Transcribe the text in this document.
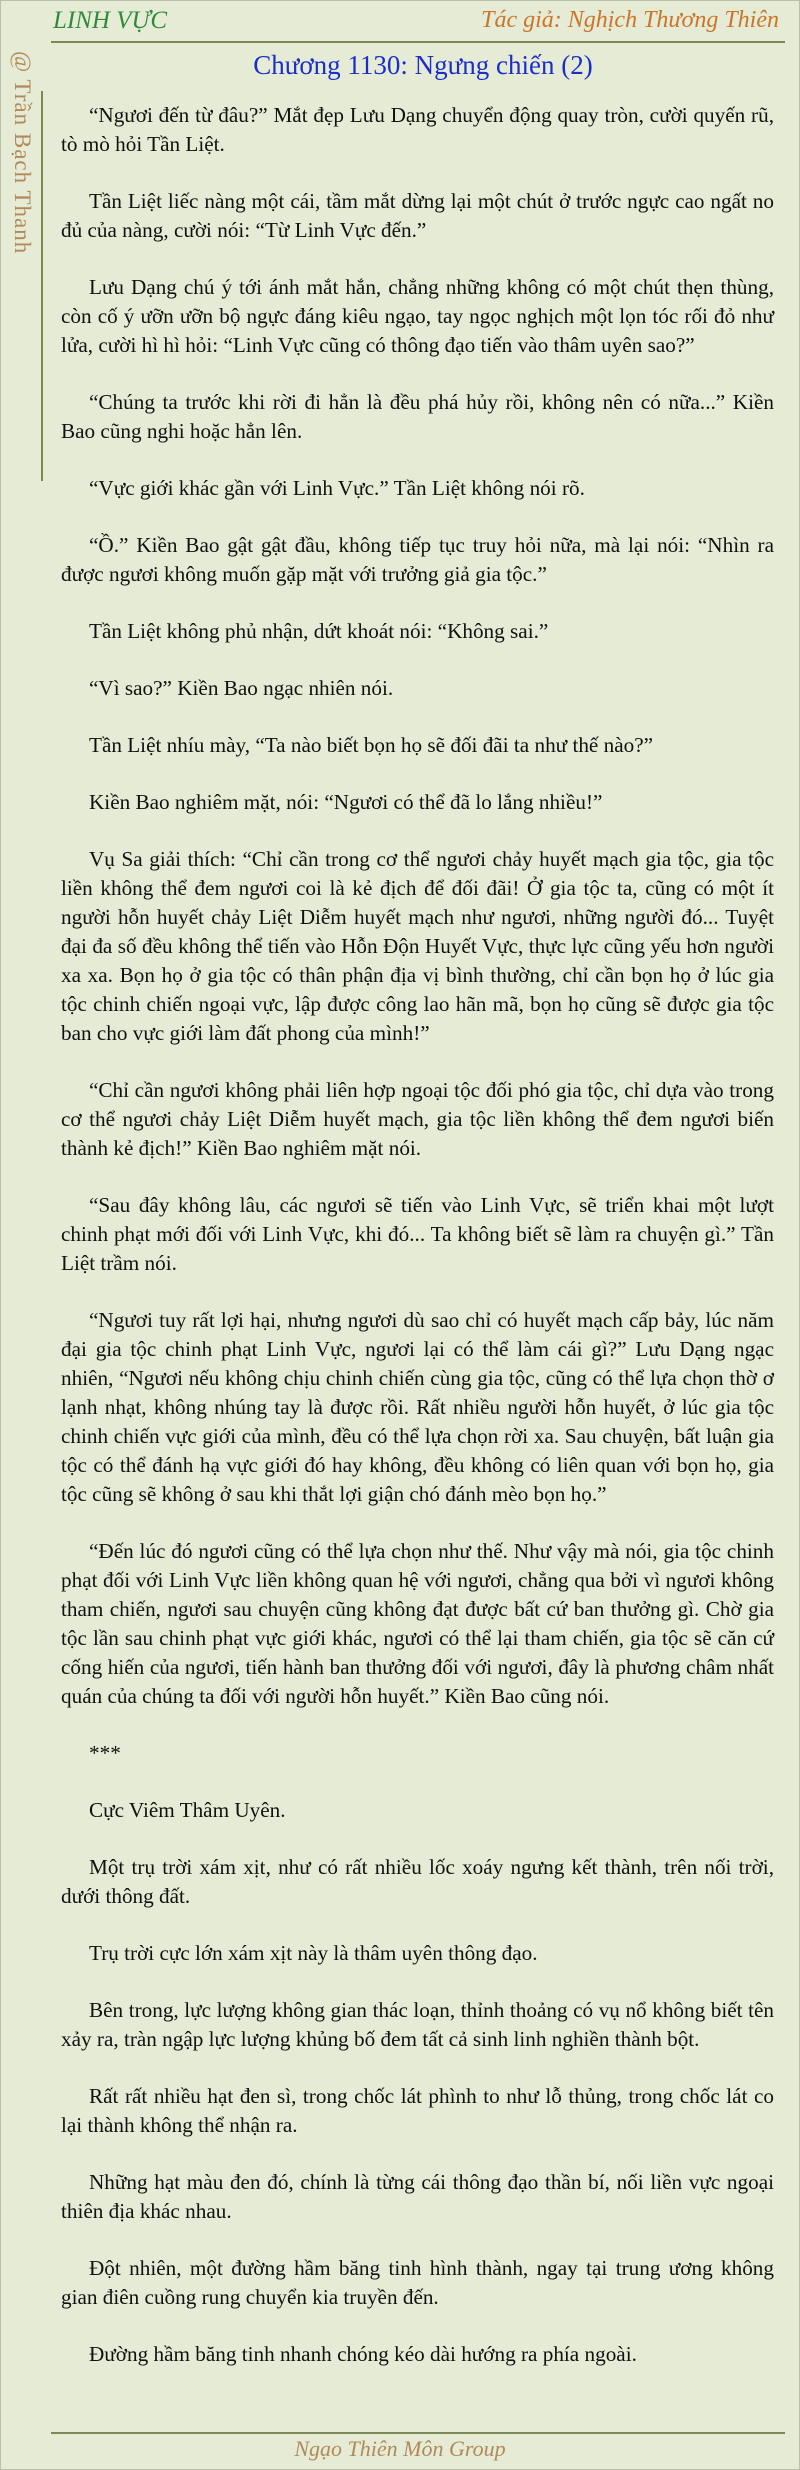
LINH VỰC	Tác giả: Nghịch Thương Thiên
@ Trần Bạch Thanh	Chương 1130: Ngưng chiến (2)

“Ngươi đến từ đâu?” Mắt đẹp Lưu Dạng chuyển động quay tròn, cười quyến rũ, tò mò hỏi Tần Liệt.

Tần Liệt liếc nàng một cái, tầm mắt dừng lại một chút ở trước ngực cao ngất no đủ của nàng, cười nói: “Từ Linh Vực đến.”

Lưu Dạng chú ý tới ánh mắt hắn, chẳng những không có một chút thẹn thùng, còn cố ý ưỡn ưỡn bộ ngực đáng kiêu ngạo, tay ngọc nghịch một lọn tóc rối đỏ như lửa, cười hì hì hỏi: “Linh Vực cũng có thông đạo tiến vào thâm uyên sao?”

“Chúng ta trước khi rời đi hẳn là đều phá hủy rồi, không nên có nữa...” Kiền Bao cũng nghi hoặc hẳn lên.

“Vực giới khác gần với Linh Vực.” Tần Liệt không nói rõ.

“Ồ.” Kiền Bao gật gật đầu, không tiếp tục truy hỏi nữa, mà lại nói: “Nhìn ra được ngươi không muốn gặp mặt với trưởng giả gia tộc.”

Tần Liệt không phủ nhận, dứt khoát nói: “Không sai.”

“Vì sao?” Kiền Bao ngạc nhiên nói.

Tần Liệt nhíu mày, “Ta nào biết bọn họ sẽ đối đãi ta như thế nào?”

Kiền Bao nghiêm mặt, nói: “Ngươi có thể đã lo lắng nhiều!”

Vụ Sa giải thích: “Chỉ cần trong cơ thể ngươi chảy huyết mạch gia tộc, gia tộc liền không thể đem ngươi coi là kẻ địch để đối đãi! Ở gia tộc ta, cũng có một ít người hỗn huyết chảy Liệt Diễm huyết mạch như ngươi, những người đó... Tuyệt đại đa số đều không thể tiến vào Hỗn Độn Huyết Vực, thực lực cũng yếu hơn người xa xa. Bọn họ ở gia tộc có thân phận địa vị bình thường, chỉ cần bọn họ ở lúc gia tộc chinh chiến ngoại vực, lập được công lao hãn mã, bọn họ cũng sẽ được gia tộc ban cho vực giới làm đất phong của mình!”

“Chỉ cần ngươi không phải liên hợp ngoại tộc đối phó gia tộc, chỉ dựa vào trong cơ thể ngươi chảy Liệt Diễm huyết mạch, gia tộc liền không thể đem ngươi biến thành kẻ địch!” Kiền Bao nghiêm mặt nói.

“Sau đây không lâu, các ngươi sẽ tiến vào Linh Vực, sẽ triển khai một lượt chinh phạt mới đối với Linh Vực, khi đó... Ta không biết sẽ làm ra chuyện gì.” Tần Liệt trầm nói.

“Ngươi tuy rất lợi hại, nhưng ngươi dù sao chỉ có huyết mạch cấp bảy, lúc năm đại gia tộc chinh phạt Linh Vực, ngươi lại có thể làm cái gì?” Lưu Dạng ngạc nhiên, “Ngươi nếu không chịu chinh chiến cùng gia tộc, cũng có thể lựa chọn thờ ơ lạnh nhạt, không nhúng tay là được rồi. Rất nhiều người hỗn huyết, ở lúc gia tộc chinh chiến vực giới của mình, đều có thể lựa chọn rời xa. Sau chuyện, bất luận gia tộc có thể đánh hạ vực giới đó hay không, đều không có liên quan với bọn họ, gia tộc cũng sẽ không ở sau khi thắt lợi giận chó đánh mèo bọn họ.”

“Đến lúc đó ngươi cũng có thể lựa chọn như thế. Như vậy mà nói, gia tộc chinh phạt đối với Linh Vực liền không quan hệ với ngươi, chẳng qua bởi vì ngươi không tham chiến, ngươi sau chuyện cũng không đạt được bất cứ ban thưởng gì. Chờ gia tộc lần sau chinh phạt vực giới khác, ngươi có thể lại tham chiến, gia tộc sẽ căn cứ cống hiến của ngươi, tiến hành ban thưởng đối với ngươi, đây là phương châm nhất quán của chúng ta đối với người hỗn huyết.” Kiền Bao cũng nói.

***

Cực Viêm Thâm Uyên.

Một trụ trời xám xịt, như có rất nhiều lốc xoáy ngưng kết thành, trên nối trời, dưới thông đất.

Trụ trời cực lớn xám xịt này là thâm uyên thông đạo.

Bên trong, lực lượng không gian thác loạn, thỉnh thoảng có vụ nổ không biết tên xảy ra, tràn ngập lực lượng khủng bố đem tất cả sinh linh nghiền thành bột.

Rất rất nhiều hạt đen sì, trong chốc lát phình to như lỗ thủng, trong chốc lát co lại thành không thể nhận ra.

Những hạt màu đen đó, chính là từng cái thông đạo thần bí, nối liền vực ngoại thiên địa khác nhau.

Đột nhiên, một đường hầm băng tinh hình thành, ngay tại trung ương không gian điên cuồng rung chuyển kia truyền đến.

Đường hầm băng tinh nhanh chóng kéo dài hướng ra phía ngoài.

Ngạo Thiên Môn Group
